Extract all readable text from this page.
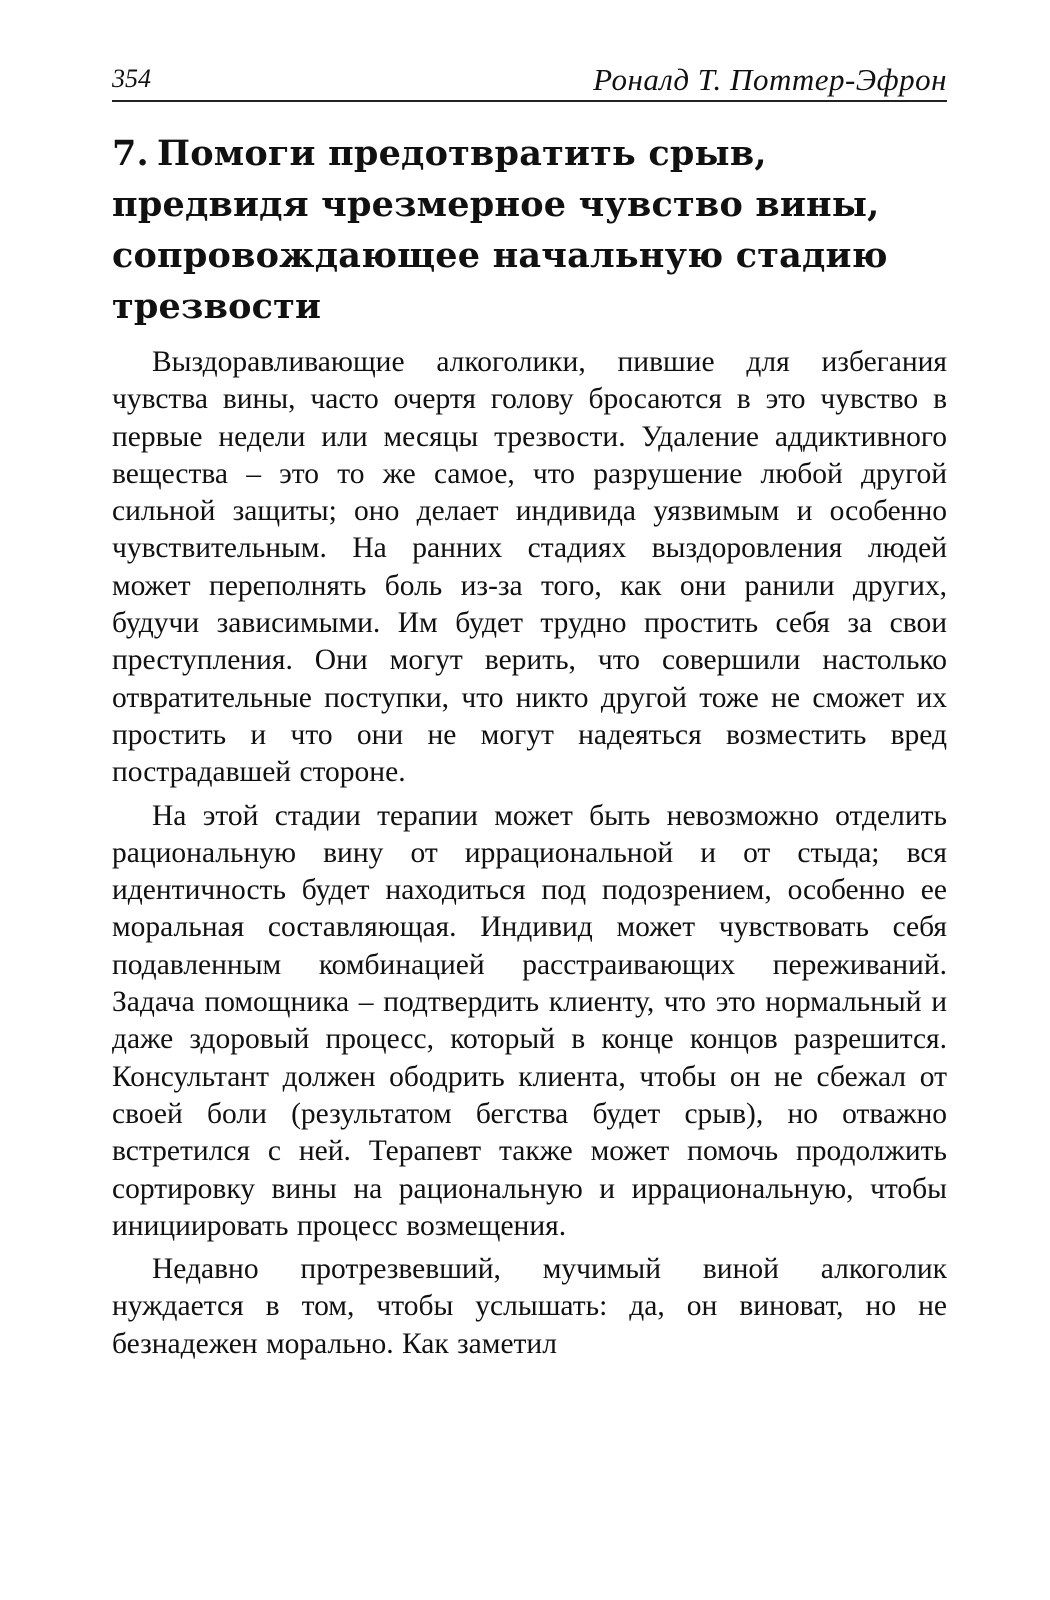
354	Роналд Т. Поттер-Эфрон
7. Помоги предотвратить срыв, предвидя чрезмерное чувство вины, сопровождающее начальную стадию трезвости

Выздоравливающие алкоголики, пившие для избегания чувства вины, часто очертя голову бросаются в это чувство в первые недели или месяцы трезвости. Удаление аддиктивного вещества – это то же самое, что разрушение любой другой сильной защиты; оно делает индивида уязвимым и особенно чувствительным. На ранних стадиях выздоровления людей может переполнять боль из-за того, как они ранили других, будучи зависимыми. Им будет трудно простить себя за свои преступления. Они могут верить, что совершили настолько отвратительные поступки, что никто другой тоже не сможет их простить и что они не могут надеяться возместить вред пострадавшей стороне.

На этой стадии терапии может быть невозможно отделить рациональную вину от иррациональной и от стыда; вся идентичность будет находиться под подозрением, особенно ее моральная составляющая. Индивид может чувствовать себя подавленным комбинацией расстраивающих переживаний. Задача помощника – подтвердить клиенту, что это нормальный и даже здоровый процесс, который в конце концов разрешится. Консультант должен ободрить клиента, чтобы он не сбежал от своей боли (результатом бегства будет срыв), но отважно встретился с ней. Терапевт также может помочь продолжить сортировку вины на рациональную и иррациональную, чтобы инициировать процесс возмещения.

Недавно протрезвевший, мучимый виной алкоголик нуждается в том, чтобы услышать: да, он виноват, но не безнадежен морально. Как заметил
